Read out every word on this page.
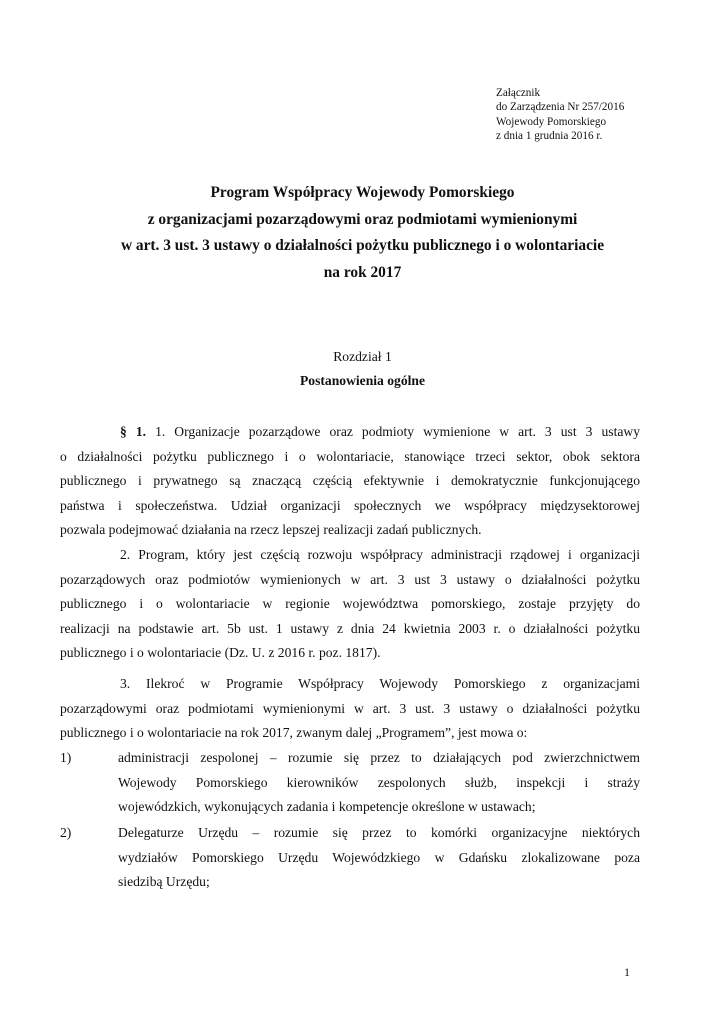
Załącznik
do Zarządzenia Nr 257/2016
Wojewody Pomorskiego
z dnia 1 grudnia 2016 r.
Program Współpracy Wojewody Pomorskiego
z organizacjami pozarządowymi oraz podmiotami wymienionymi
w art. 3 ust. 3 ustawy o działalności pożytku publicznego i o wolontariacie
na rok 2017
Rozdział 1
Postanowienia ogólne
§ 1. 1. Organizacje pozarządowe oraz podmioty wymienione w art. 3 ust 3 ustawy
o działalności pożytku publicznego i o wolontariacie, stanowiące trzeci sektor, obok sektora
publicznego i prywatnego są znaczącą częścią efektywnie i demokratycznie funkcjonującego
państwa i społeczeństwa. Udział organizacji społecznych we współpracy międzysektorowej
pozwala podejmować działania na rzecz lepszej realizacji zadań publicznych.
2. Program, który jest częścią rozwoju współpracy administracji rządowej i organizacji
pozarządowych oraz podmiotów wymienionych w art. 3 ust 3 ustawy o działalności pożytku
publicznego i o wolontariacie w regionie województwa pomorskiego, zostaje przyjęty do
realizacji na podstawie art. 5b ust. 1 ustawy z dnia 24 kwietnia 2003 r. o działalności pożytku
publicznego i o wolontariacie (Dz. U. z 2016 r. poz. 1817).
3. Ilekroć w Programie Współpracy Wojewody Pomorskiego z organizacjami
pozarządowymi oraz podmiotami wymienionymi w art. 3 ust. 3 ustawy o działalności pożytku
publicznego i o wolontariacie na rok 2017, zwanym dalej „Programem”, jest mowa o:
1)	administracji zespolonej – rozumie się przez to działających pod zwierzchnictwem
Wojewody Pomorskiego kierowników zespolonych służb, inspekcji i straży
wojewódzkich, wykonujących zadania i kompetencje określone w ustawach;
2)	Delegaturze Urzędu – rozumie się przez to komórki organizacyjne niektórych
wydziałów Pomorskiego Urzędu Wojewódzkiego w Gdańsku zlokalizowane poza
siedzibą Urzędu;
1
